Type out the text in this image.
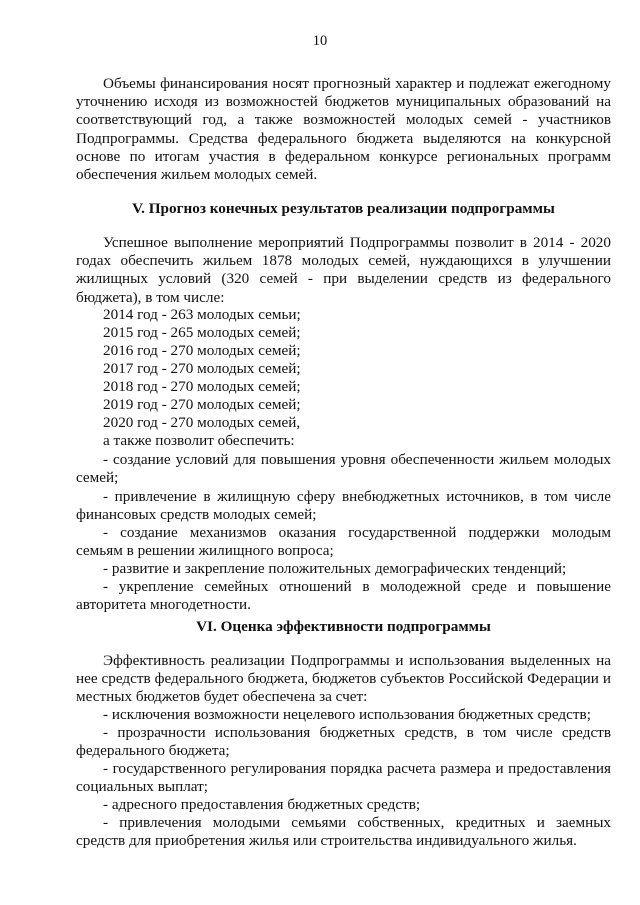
10
Объемы финансирования носят прогнозный характер и подлежат ежегодному уточнению исходя из возможностей бюджетов муниципальных образований на соответствующий год, а также возможностей молодых семей - участников Подпрограммы. Средства федерального бюджета выделяются на конкурсной основе по итогам участия в федеральном конкурсе региональных программ обеспечения жильем молодых семей.
V. Прогноз конечных результатов реализации подпрограммы
Успешное выполнение мероприятий Подпрограммы позволит в 2014 - 2020 годах обеспечить жильем 1878 молодых семей, нуждающихся в улучшении жилищных условий (320 семей - при выделении средств из федерального бюджета), в том числе:
2014 год - 263 молодых семьи;
2015 год - 265 молодых семей;
2016 год - 270 молодых семей;
2017 год - 270 молодых семей;
2018 год - 270 молодых семей;
2019 год - 270 молодых семей;
2020 год - 270 молодых семей,
а также позволит обеспечить:
- создание условий для повышения уровня обеспеченности жильем молодых семей;
- привлечение в жилищную сферу внебюджетных источников, в том числе финансовых средств молодых семей;
- создание механизмов оказания государственной поддержки молодым семьям в решении жилищного вопроса;
- развитие и закрепление положительных демографических тенденций;
- укрепление семейных отношений в молодежной среде и повышение авторитета многодетности.
VI. Оценка эффективности подпрограммы
Эффективность реализации Подпрограммы и использования выделенных на нее средств федерального бюджета, бюджетов субъектов Российской Федерации и местных бюджетов будет обеспечена за счет:
- исключения возможности нецелевого использования бюджетных средств;
- прозрачности использования бюджетных средств, в том числе средств федерального бюджета;
- государственного регулирования порядка расчета размера и предоставления социальных выплат;
- адресного предоставления бюджетных средств;
- привлечения молодыми семьями собственных, кредитных и заемных средств для приобретения жилья или строительства индивидуального жилья.
